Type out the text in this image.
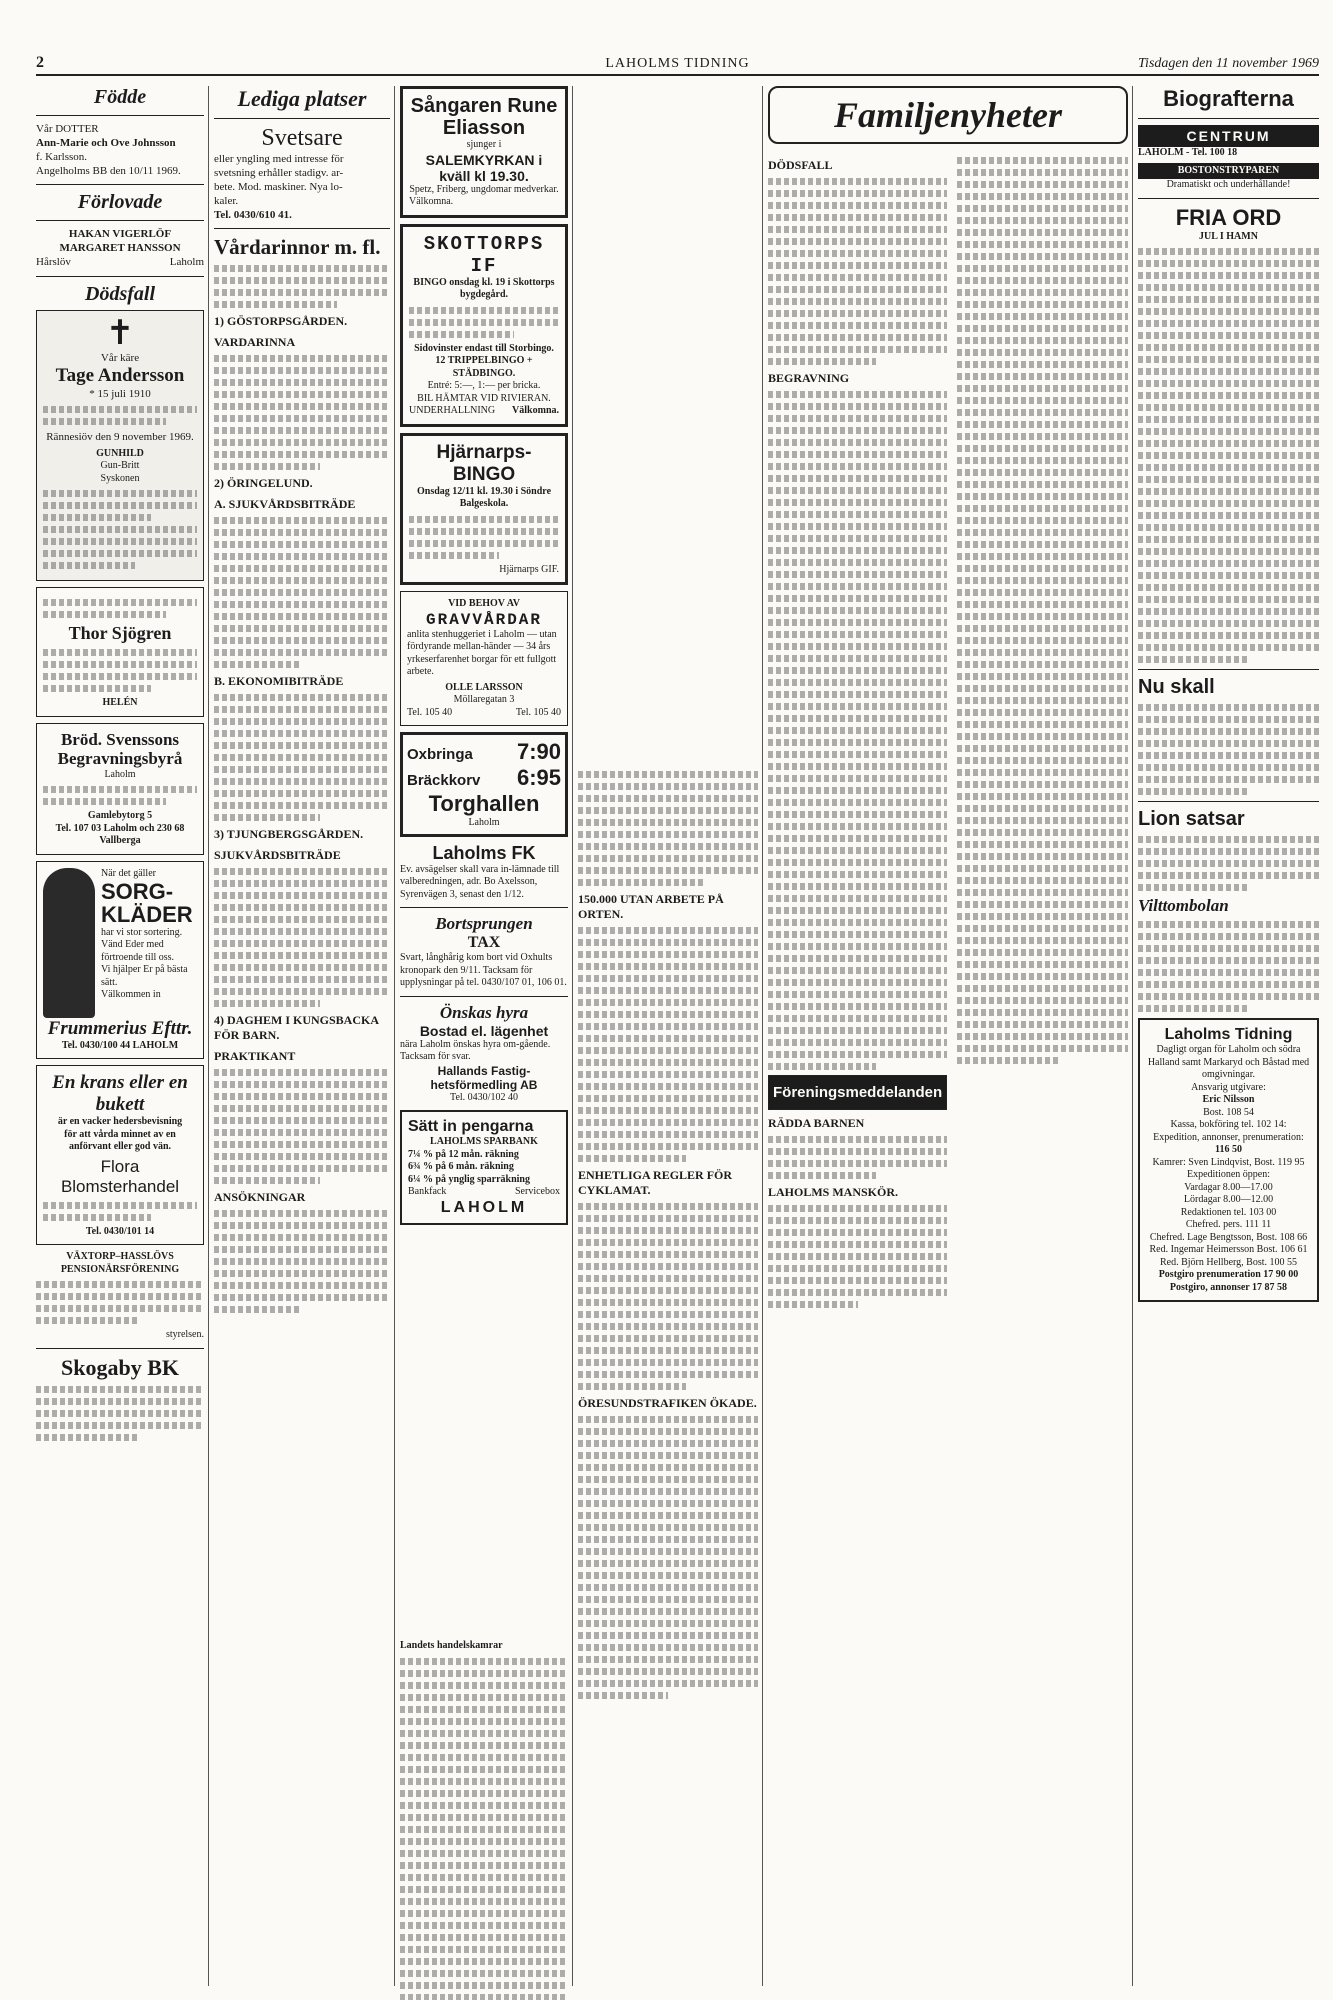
2	LAHOLMS TIDNING	Tisdagen den 11 november 1969
Födde
Vår DOTTER
Ann-Marie och Ove Johnsson
f. Karlsson.
Angelholms BB den 10/11 1969.
Förlovade
HAKAN VIGERLÖF
MARGARET HANSSON
Hårslöv	Laholm
Dödsfall
✝
Vår käre
Tage Andersson
* 15 juli 1910
Rännesiöv den 9 november 1969.
GUNHILD
Gun-Britt
Syskonen
Thor Sjögren
HELÉN
Bröd. Svenssons Begravningsbyrå
Laholm
Gamlebytorg 5
Tel. 107 03 Laholm och 230 68 Vallberga
När det gäller
SORG-KLÄDER
har vi stor sortering.
Vänd Eder med förtroende till oss.
Vi hjälper Er på bästa sätt.
Välkommen in
Frummerius Efttr.
Tel. 0430/100 44 LAHOLM
En krans eller en bukett
är en vacker hedersbevisning
för att vårda minnet av en
anförvant eller god vän.
Flora Blomsterhandel
Tel. 0430/101 14
VÄXTORP–HASSLÖVS PENSIONÄRSFÖRENING
styrelsen.
Skogaby BK
Lediga platser
Svetsare
eller yngling med intresse för
svetsning erhåller stadigv. ar-
bete. Mod. maskiner. Nya lo-
kaler.
Tel. 0430/610 41.
Vårdarinnor m. fl.
1) GÖSTORPSGÅRDEN.
VARDARINNA
2) ÖRINGELUND.
A. SJUKVÅRDSBITRÄDE
B. EKONOMIBITRÄDE
3) TJUNGBERGSGÅRDEN.
SJUKVÅRDSBITRÄDE
4) DAGHEM I KUNGSBACKA FÖR BARN.
PRAKTIKANT
ANSÖKNINGAR
Sångaren Rune Eliasson
sjunger i
SALEMKYRKAN i kväll kl 19.30.
Spetz, Friberg, ungdomar medverkar.
Välkomna.
SKOTTORPS IF
BINGO onsdag kl. 19 i Skottorps bygdegård.
Sidovinster endast till Storbingo.
12 TRIPPELBINGO + STÄDBINGO.
Entré: 5:—, 1:— per bricka.
BIL HÄMTAR VID RIVIERAN.
UNDERHALLNING Välkomna.
Hjärnarps-BINGO
Onsdag 12/11 kl. 19.30 i Söndre Balgeskola.
Hjärnarps GIF.
VID BEHOV AV
GRAVVÅRDAR
anlita stenhuggeriet i Laholm — utan fördyrande mellan-händer — 34 års yrkeserfarenhet borgar för ett fullgott arbete.
OLLE LARSSON
Möllaregatan 3
Tel. 105 40	Tel. 105 40
Oxbringa 7:90
Bräckkorv 6:95
Torghallen
Laholm
Laholms FK
Ev. avsägelser skall vara in-lämnade till valberedningen, adr. Bo Axelsson, Syrenvägen 3, senast den 1/12.
Bortsprungen
TAX
Svart, långhårig kom bort vid Oxhults kronopark den 9/11. Tacksam för upplysningar på tel. 0430/107 01, 106 01.
Önskas hyra
Bostad el. lägenhet
nära Laholm önskas hyra om-gående. Tacksam för svar.
Hallands Fastig-hetsförmedling AB
Tel. 0430/102 40
Sätt in pengarna
LAHOLMS SPARBANK
7¼ % på 12 mån. räkning
6¾ % på 6 mån. räkning
6¼ % på ynglig sparräkning
Bankfack	Servicebox
LAHOLM
150.000 UTAN ARBETE PÅ ORTEN.
ENHETLIGA REGLER FÖR CYKLAMAT.
ÖRESUNDSTRAFIKEN ÖKADE.
Landets handelskamrar
Familjenyheter
DÖDSFALL
BEGRAVNING
Föreningsmeddelanden
RÄDDA BARNEN
LAHOLMS MANSKÖR.
Biografterna
CENTRUM
LAHOLM - Tel. 100 18
BOSTONSTRYPAREN
Dramatiskt och underhållande!
FRIA ORD
JUL I HAMN
Nu skall
Lion satsar
Vilttombolan
Laholms Tidning
Dagligt organ för Laholm och södra Halland samt Markaryd och Båstad med omgivningar.
Ansvarig utgivare:
Eric Nilsson
Bost. 108 54
Kassa, bokföring tel. 102 14:
Expedition, annonser, prenumeration:
116 50
Kamrer: Sven Lindqvist, Bost. 119 95
Expeditionen öppen:
Vardagar 8.00—17.00
Lördagar 8.00—12.00
Redaktionen tel. 103 00
Chefred. pers. 111 11
Chefred. Lage Bengtsson, Bost. 108 66
Red. Ingemar Heimersson Bost. 106 61
Red. Björn Hellberg, Bost. 100 55
Postgiro prenumeration 17 90 00
Postgiro, annonser 17 87 58
